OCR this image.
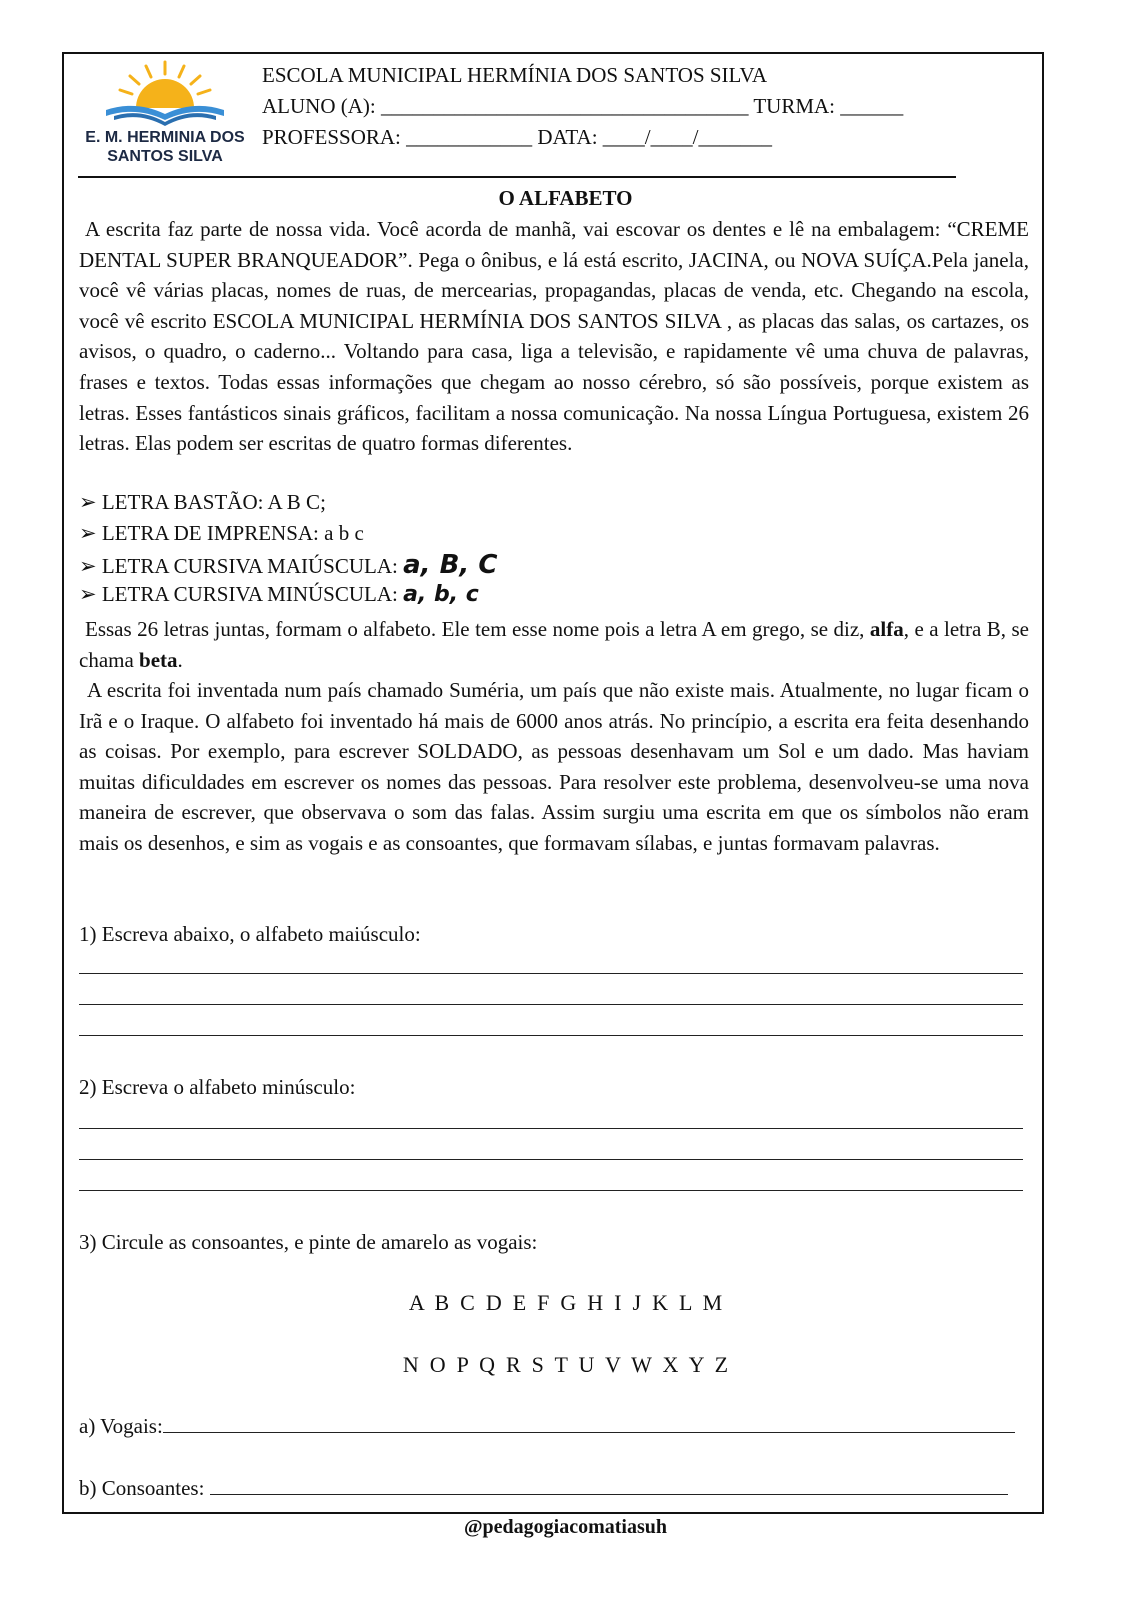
E. M. HERMINIA DOS
SANTOS SILVA
ESCOLA MUNICIPAL HERMÍNIA DOS SANTOS SILVA
ALUNO (A): ___________________________________ TURMA: ______
PROFESSORA: ____________ DATA: ____/____/_______
O ALFABETO
A escrita faz parte de nossa vida. Você acorda de manhã, vai escovar os dentes e lê na embalagem: “CREME DENTAL SUPER BRANQUEADOR”. Pega o ônibus, e lá está escrito, JACINA, ou NOVA SUÍÇA.Pela janela, você vê várias placas, nomes de ruas, de mercearias, propagandas, placas de venda, etc. Chegando na escola, você vê escrito ESCOLA MUNICIPAL HERMÍNIA DOS SANTOS SILVA , as placas das salas, os cartazes, os avisos, o quadro, o caderno... Voltando para casa, liga a televisão, e rapidamente vê uma chuva de palavras, frases e textos. Todas essas informações que chegam ao nosso cérebro, só são possíveis, porque existem as letras. Esses fantásticos sinais gráficos, facilitam a nossa comunicação. Na nossa Língua Portuguesa, existem 26 letras. Elas podem ser escritas de quatro formas diferentes.
➢ LETRA BASTÃO: A B C;
➢ LETRA DE IMPRENSA: a b c
➢ LETRA CURSIVA MAIÚSCULA: a, B, C
➢ LETRA CURSIVA MINÚSCULA: a, b, c
Essas 26 letras juntas, formam o alfabeto. Ele tem esse nome pois a letra A em grego, se diz, alfa, e a letra B, se chama beta.
A escrita foi inventada num país chamado Suméria, um país que não existe mais. Atualmente, no lugar ficam o Irã e o Iraque. O alfabeto foi inventado há mais de 6000 anos atrás. No princípio, a escrita era feita desenhando as coisas. Por exemplo, para escrever SOLDADO, as pessoas desenhavam um Sol e um dado. Mas haviam muitas dificuldades em escrever os nomes das pessoas. Para resolver este problema, desenvolveu-se uma nova maneira de escrever, que observava o som das falas. Assim surgiu uma escrita em que os símbolos não eram mais os desenhos, e sim as vogais e as consoantes, que formavam sílabas, e juntas formavam palavras.
1) Escreva abaixo, o alfabeto maiúsculo:
2) Escreva o alfabeto minúsculo:
3) Circule as consoantes, e pinte de amarelo as vogais:
A  B  C  D  E  F  G  H  I  J  K  L  M
N  O  P  Q  R  S  T  U  V  W  X  Y  Z
a) Vogais:
b) Consoantes:
@pedagogiacomatiasuh
